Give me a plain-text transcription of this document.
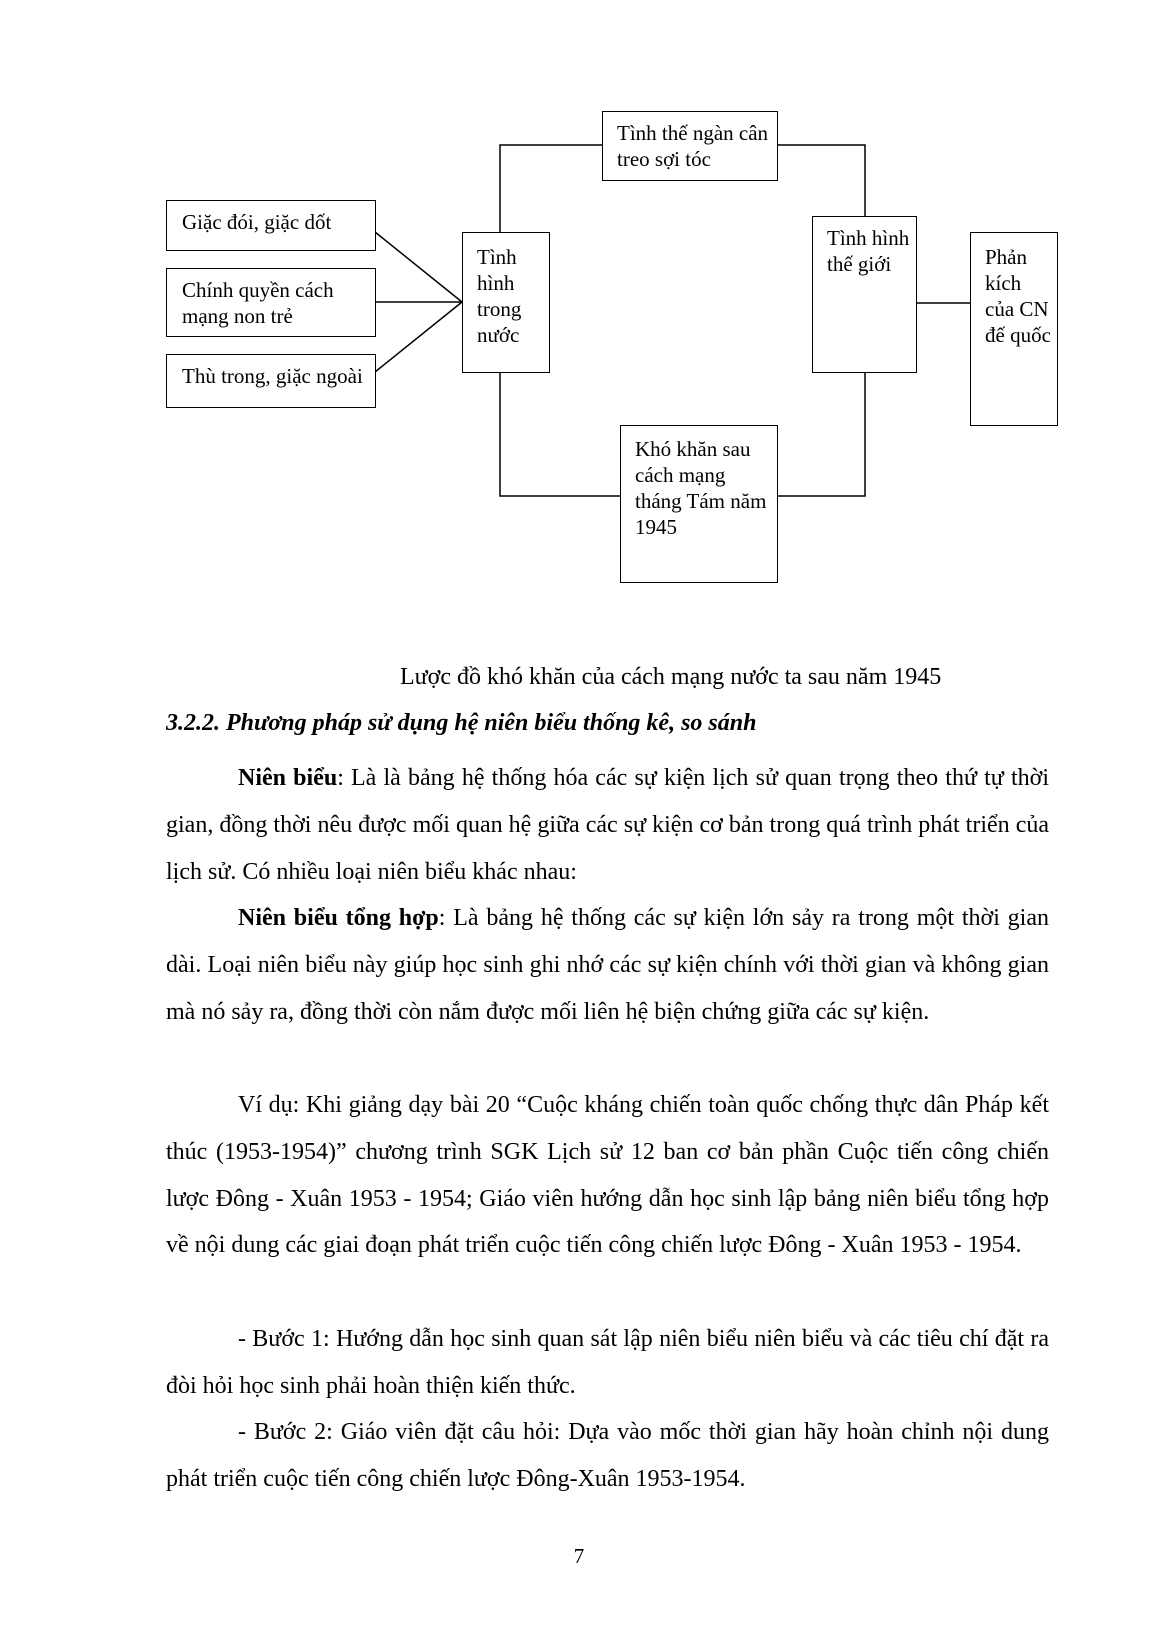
Giặc đói, giặc dốt
Chính quyền cách mạng non trẻ
Thù trong, giặc ngoài
Tình hình trong nước
Tình thế ngàn cân treo sợi tóc
Khó khăn sau cách mạng tháng Tám năm 1945
Tình hình thế giới	Phản kích của CN đế quốc
Lược đồ khó khăn của cách mạng nước ta sau năm 1945
3.2.2. Phương pháp sử dụng hệ niên biểu thống kê, so sánh

Niên biểu: Là là bảng hệ thống hóa các sự kiện lịch sử quan trọng theo thứ tự thời gian, đồng thời nêu được mối quan hệ giữa các sự kiện cơ bản trong quá trình phát triển của lịch sử. Có nhiều loại niên biểu khác nhau:

Niên biểu tổng hợp: Là bảng hệ thống các sự kiện lớn sảy ra trong một thời gian dài. Loại niên biểu này giúp học sinh ghi nhớ các sự kiện chính với thời gian và không gian mà nó sảy ra, đồng thời còn nắm được mối liên hệ biện chứng giữa các sự kiện.

Ví dụ: Khi giảng dạy bài 20 “Cuộc kháng chiến toàn quốc chống thực dân Pháp kết thúc (1953-1954)” chương trình SGK Lịch sử 12 ban cơ bản phần Cuộc tiến công chiến lược Đông - Xuân 1953 - 1954; Giáo viên hướng dẫn học sinh lập bảng niên biểu tổng hợp về nội dung các giai đoạn phát triển cuộc tiến công chiến lược Đông - Xuân 1953 - 1954.

- Bước 1: Hướng dẫn học sinh quan sát lập niên biểu niên biểu và các tiêu chí đặt ra đòi hỏi học sinh phải hoàn thiện kiến thức.

- Bước 2: Giáo viên đặt câu hỏi: Dựa vào mốc thời gian hãy hoàn chỉnh nội dung phát triển cuộc tiến công chiến lược Đông-Xuân 1953-1954.

7
